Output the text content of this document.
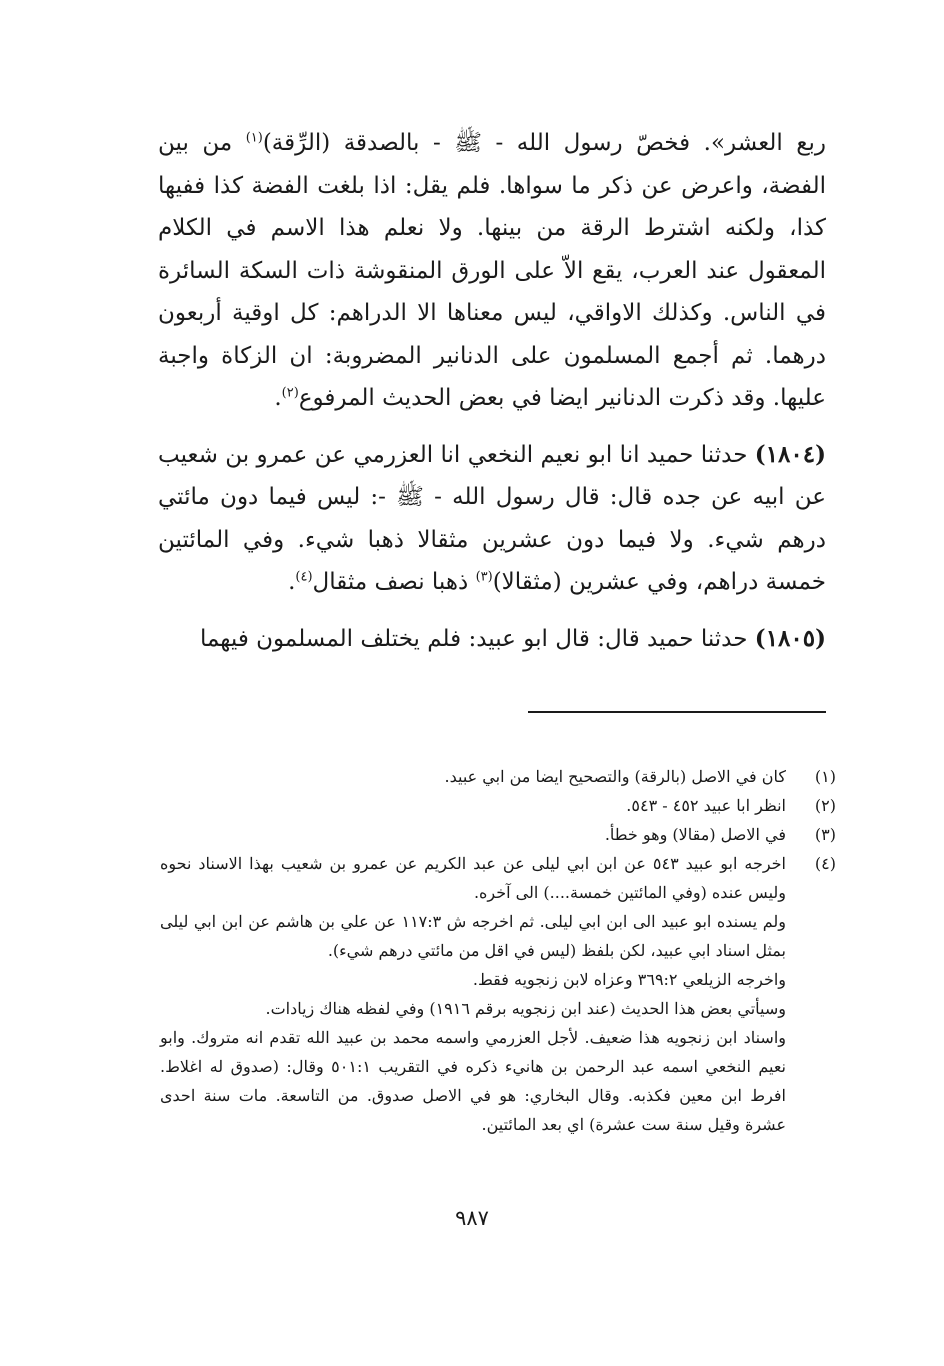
ربع العشر». فخصّ رسول الله - ﷺ - بالصدقة (الرِّقة)$^{(١)}$ من بين الفضة، واعرض عن ذكر ما سواها. فلم يقل: اذا بلغت الفضة كذا ففيها كذا، ولكنه اشترط الرقة من بينها. ولا نعلم هذا الاسم في الكلام المعقول عند العرب، يقع الاّ على الورق المنقوشة ذات السكة السائرة في الناس. وكذلك الاواقي، ليس معناها الا الدراهم: كل اوقية أربعون درهما. ثم أجمع المسلمون على الدنانير المضروبة: ان الزكاة واجبة عليها. وقد ذكرت الدنانير ايضا في بعض الحديث المرفوع$^{(٢)}$.

(١٨٠٤) حدثنا حميد انا ابو نعيم النخعي انا العزرمي عن عمرو بن شعيب عن ابيه عن جده قال: قال رسول الله - ﷺ -: ليس فيما دون مائتي درهم شيء. ولا فيما دون عشرين مثقالا ذهبا شيء. وفي المائتين خمسة دراهم، وفي عشرين (مثقالا)$^{(٣)}$ ذهبا نصف مثقال$^{(٤)}$.

(١٨٠٥) حدثنا حميد قال: قال ابو عبيد: فلم يختلف المسلمون فيهما

(١)

كان في الاصل (بالرقة) والتصحيح ايضا من ابي عبيد.

(٢)

انظر ابا عبيد ٤٥٢ - ٥٤٣.

(٣)

في الاصل (مقالا) وهو خطأ.

(٤)

اخرجه ابو عبيد ٥٤٣ عن ابن ابي ليلى عن عبد الكريم عن عمرو بن شعيب بهذا الاسناد نحوه وليس عنده (وفي المائتين خمسة....) الى آخره.

ولم يسنده ابو عبيد الى ابن ابي ليلى. ثم اخرجه ش ١١٧:٣ عن علي بن هاشم عن ابن ابي ليلى بمثل اسناد ابي عبيد، لكن بلفظ (ليس في اقل من مائتي درهم شيء).

واخرجه الزيلعي ٣٦٩:٢ وعزاه لابن زنجويه فقط.

وسيأتي بعض هذا الحديث (عند ابن زنجويه برقم ١٩١٦) وفي لفظه هناك زيادات.

واسناد ابن زنجويه هذا ضعيف. لأجل العزرمي واسمه محمد بن عبيد الله تقدم انه متروك. وابو نعيم النخعي اسمه عبد الرحمن بن هانيء ذكره في التقريب ٥٠١:١ وقال: (صدوق له اغلاط. افرط ابن معين فكذبه. وقال البخاري: هو في الاصل صدوق. من التاسعة. مات سنة احدى عشرة وقيل سنة ست عشرة) اي بعد المائتين.

٩٨٧
